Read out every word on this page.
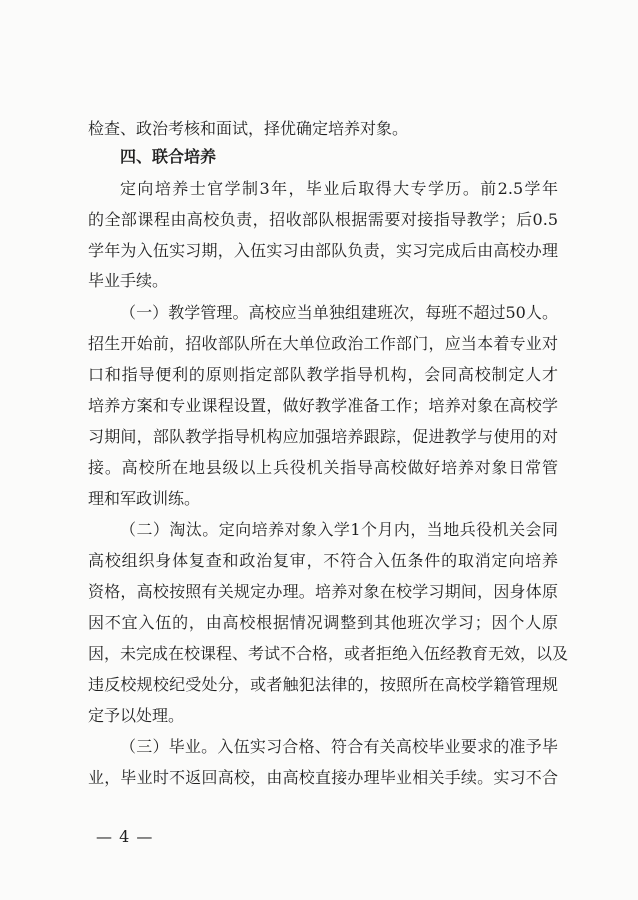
检查、政治考核和面试，择优确定培养对象。
四、联合培养
定向培养士官学制3年，毕业后取得大专学历。前2.5学年
的全部课程由高校负责，招收部队根据需要对接指导教学；后0.5
学年为入伍实习期，入伍实习由部队负责，实习完成后由高校办理
毕业手续。
（一）教学管理。高校应当单独组建班次，每班不超过50人。
招生开始前，招收部队所在大单位政治工作部门，应当本着专业对
口和指导便利的原则指定部队教学指导机构，会同高校制定人才
培养方案和专业课程设置，做好教学准备工作；培养对象在高校学
习期间，部队教学指导机构应加强培养跟踪，促进教学与使用的对
接。高校所在地县级以上兵役机关指导高校做好培养对象日常管
理和军政训练。
（二）淘汰。定向培养对象入学1个月内，当地兵役机关会同
高校组织身体复查和政治复审，不符合入伍条件的取消定向培养
资格，高校按照有关规定办理。培养对象在校学习期间，因身体原
因不宜入伍的，由高校根据情况调整到其他班次学习；因个人原
因，未完成在校课程、考试不合格，或者拒绝入伍经教育无效，以及
违反校规校纪受处分，或者触犯法律的，按照所在高校学籍管理规
定予以处理。
（三）毕业。入伍实习合格、符合有关高校毕业要求的准予毕
业，毕业时不返回高校，由高校直接办理毕业相关手续。实习不合
— 4 —
